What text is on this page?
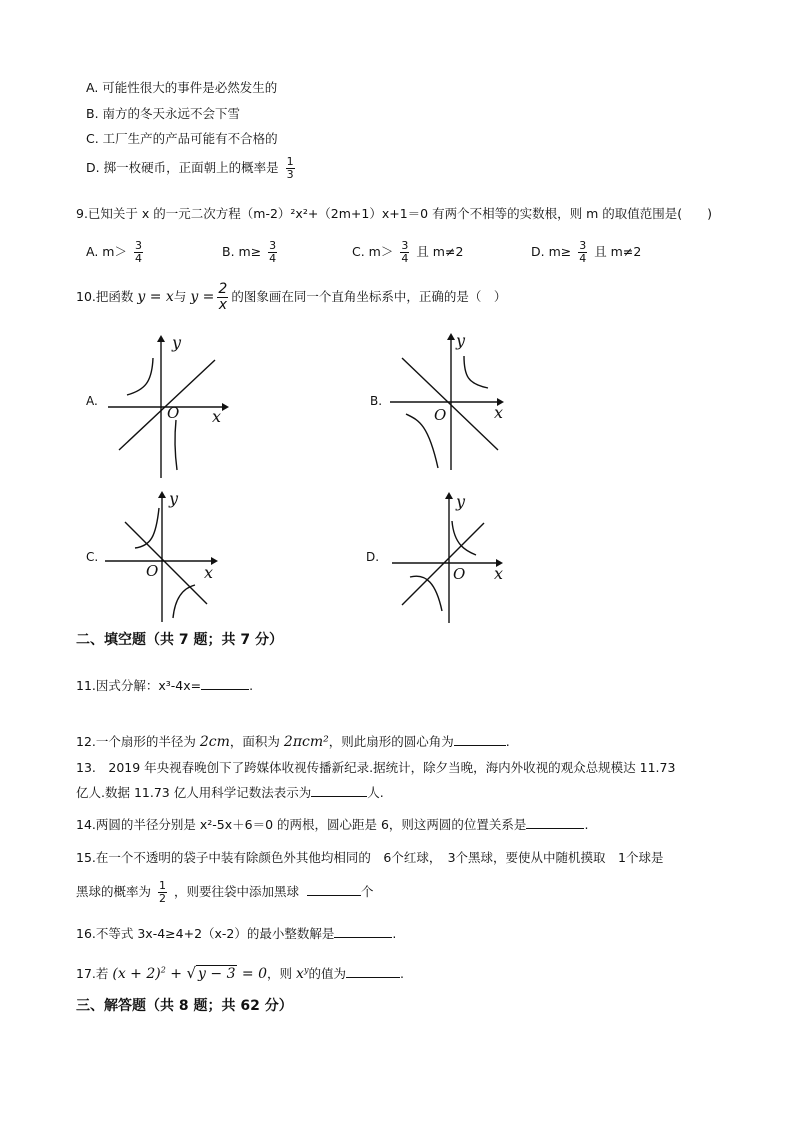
A. 可能性很大的事件是必然发生的
B. 南方的冬天永远不会下雪
C. 工厂生产的产品可能有不合格的
D. 掷一枚硬币，正面朝上的概率是 $\frac{1}{3}$
9.已知关于 x 的一元二次方程（m-2）²x²+（2m+1）x+1＝0 有两个不相等的实数根，则 m 的取值范围是(　　)
A. $m> \frac{3}{4}$	B. $m\ge \frac{3}{4}$	C. $m> \frac{3}{4}$ 且 m≠2	D. $m\ge \frac{3}{4}$ 且 m≠2
10.把函数 y = x与 $y = \frac{2}{x}$ 的图象画在同一个直角坐标系中，正确的是（　）
A.
y
x
O
B.
y
x
O
C.
y
x
O
D.
y
x
O
二、填空题（共 7 题；共 7 分）
11.因式分解：x³-4x=	.
12.一个扇形的半径为 2cm，面积为 2πcm²，则此扇形的圆心角为	.
13.　2019 年央视春晚创下了跨媒体收视传播新纪录.据统计，除夕当晚，海内外收视的观众总规模达 11.73
亿人.数据 11.73 亿人用科学记数法表示为	人.
14.两圆的半径分别是 x²-5x＋6＝0 的两根，圆心距是 6，则这两圆的位置关系是	.
15.在一个不透明的袋子中装有除颜色外其他均相同的　6个红球，　3个黑球，要使从中随机摸取　1个球是
黑球的概率为 $\frac{1}{2}$ ，则要往袋中添加黑球	个
16.不等式 3x-4≥4+2（x-2）的最小整数解是	.
17.若 $(x + 2)^2$ + √ y − 3 = 0，则 $x^y$的值为	.
三、解答题（共 8 题；共 62 分）
